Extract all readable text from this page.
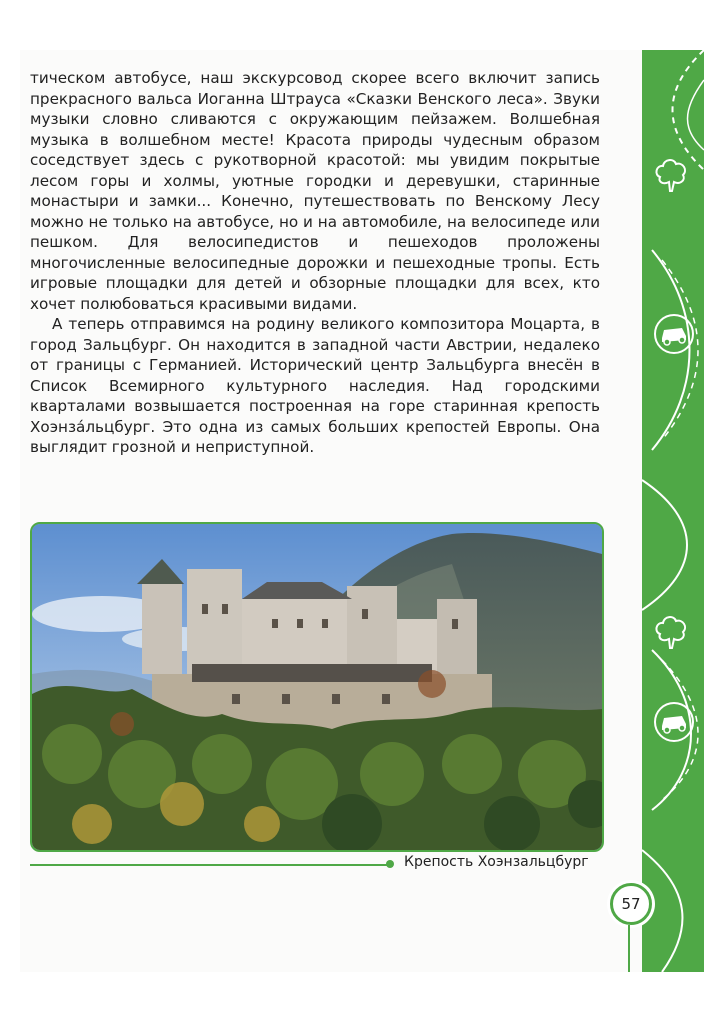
тическом автобусе, наш экскурсовод скорее всего включит запись прекрасного вальса Иоганна Штрауса «Сказки Венского леса». Звуки музыки словно сливаются с окружающим пейзажем. Волшебная музыка в волшебном месте! Красота природы чудесным образом соседствует здесь с рукотворной красотой: мы увидим покрытые лесом горы и холмы, уютные городки и деревушки, старинные монастыри и замки... Конечно, путешествовать по Венскому Лесу можно не только на автобусе, но и на автомобиле, на велосипеде или пешком. Для велосипедистов и пешеходов проложены многочисленные велосипедные дорожки и пешеходные тропы. Есть игровые площадки для детей и обзорные площадки для всех, кто хочет полюбоваться красивыми видами.

А теперь отправимся на родину великого композитора Моцарта, в город Зальцбург. Он находится в западной части Австрии, недалеко от границы с Германией. Исторический центр Зальцбурга внесён в Список Всемирного культурного наследия. Над городскими кварталами возвышается построенная на горе старинная крепость Хоэнзáльцбург. Это одна из самых больших крепостей Европы. Она выглядит грозной и неприступной.

Крепость Хоэнзальцбург
57
